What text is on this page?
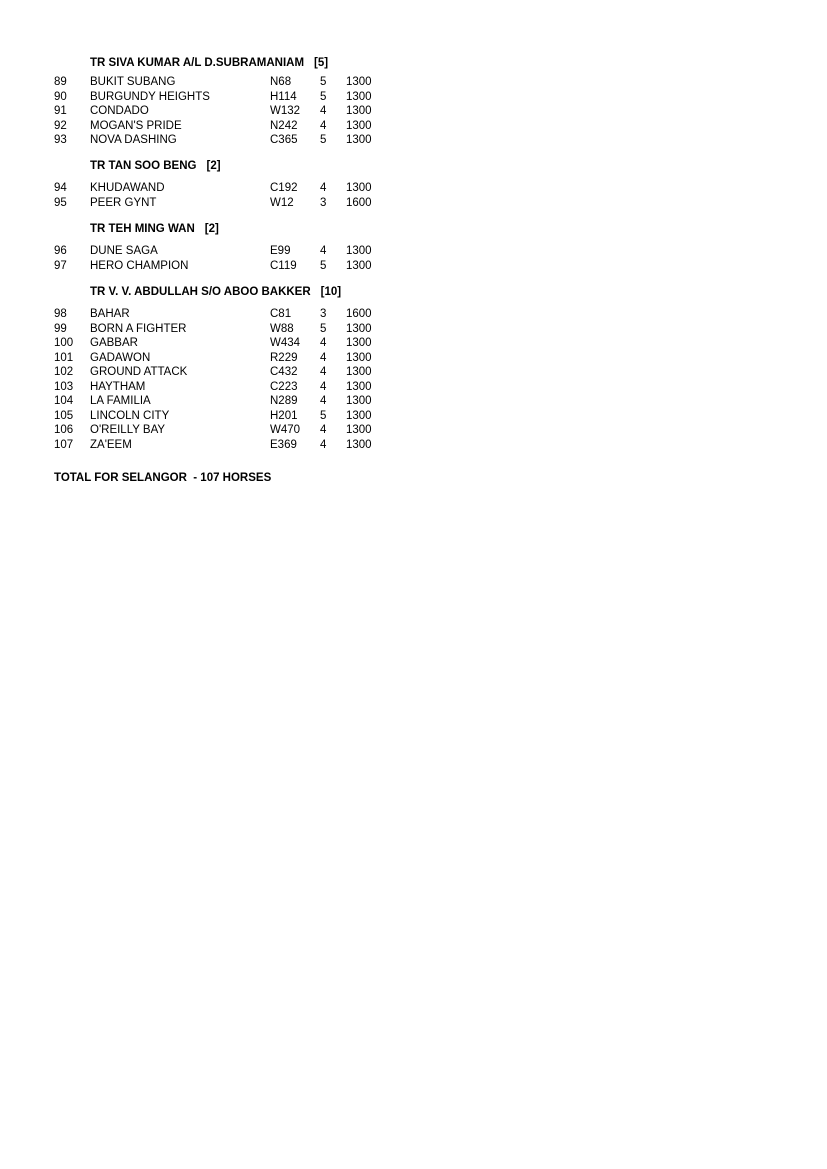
TR SIVA KUMAR A/L D.SUBRAMANIAM [5]
89 BUKIT SUBANG	N68	5 1300
90 BURGUNDY HEIGHTS	H114 5 1300
91 CONDADO	W132 4 1300
92 MOGAN'S PRIDE	N242 4 1300
93 NOVA DASHING	C365 5 1300
TR TAN SOO BENG [2]
94 KHUDAWAND	C192 4 1300
95 PEER GYNT	W12 3 1600
TR TEH MING WAN [2]
96 DUNE SAGA	E99	4 1300
97 HERO CHAMPION	C119 5 1300
TR V. V. ABDULLAH S/O ABOO BAKKER [10]
98 BAHAR	C81	3 1600
99 BORN A FIGHTER	W88 5 1300
100 GABBAR	W434 4 1300
101 GADAWON	R229 4 1300
102 GROUND ATTACK	C432 4 1300
103 HAYTHAM	C223 4 1300
104 LA FAMILIA	N289 4 1300
105 LINCOLN CITY	H201 5 1300
106 O'REILLY BAY	W470 4 1300
107 ZA'EEM	E369 4 1300
TOTAL FOR SELANGOR  - 107 HORSES
